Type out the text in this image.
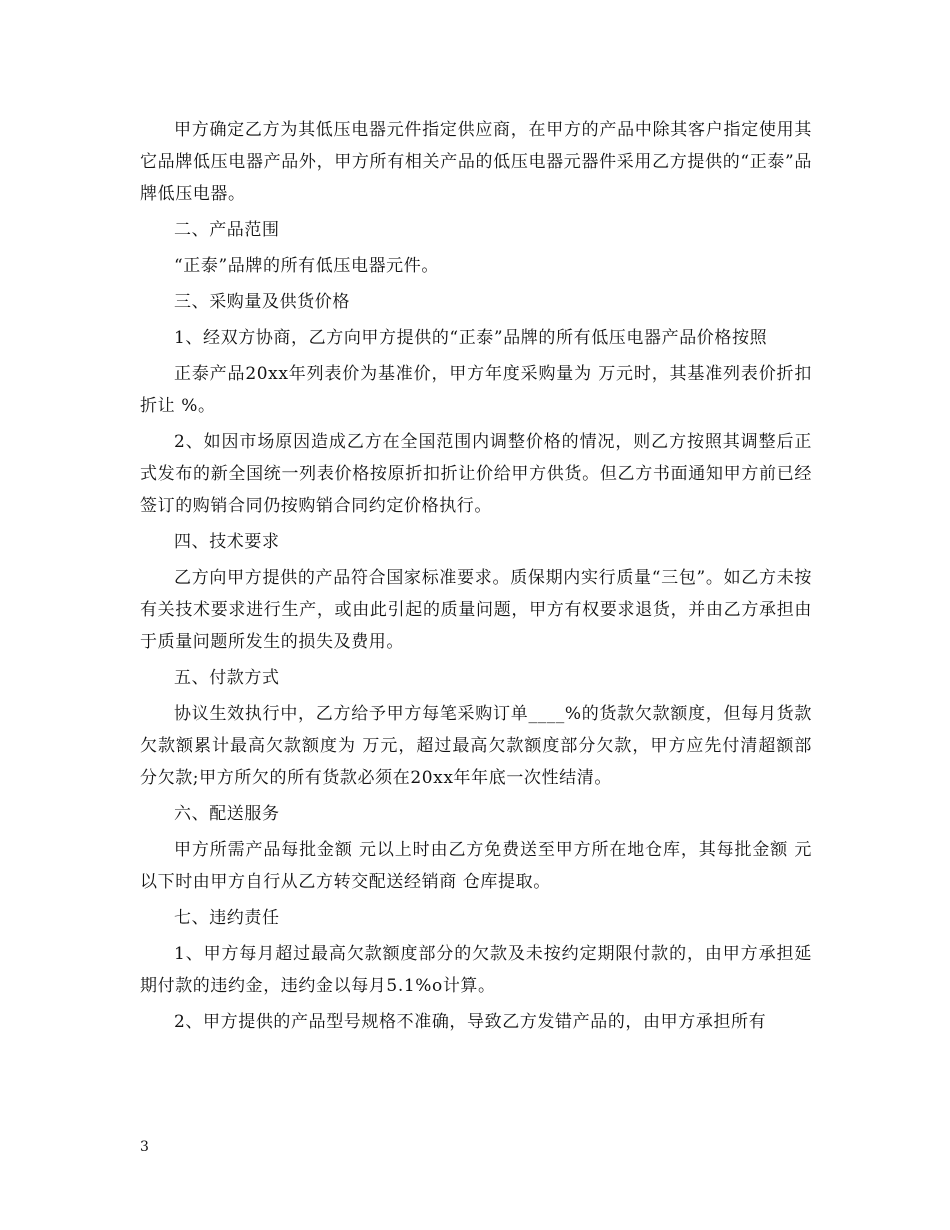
甲方确定乙方为其低压电器元件指定供应商，在甲方的产品中除其客户指定使用其它品牌低压电器产品外，甲方所有相关产品的低压电器元器件采用乙方提供的“正泰”品牌低压电器。

二、产品范围

“正泰”品牌的所有低压电器元件。

三、采购量及供货价格

1、经双方协商，乙方向甲方提供的“正泰”品牌的所有低压电器产品价格按照

正泰产品20xx年列表价为基准价，甲方年度采购量为 万元时，其基准列表价折扣折让 %。

2、如因市场原因造成乙方在全国范围内调整价格的情况，则乙方按照其调整后正式发布的新全国统一列表价格按原折扣折让价给甲方供货。但乙方书面通知甲方前已经签订的购销合同仍按购销合同约定价格执行。

四、技术要求

乙方向甲方提供的产品符合国家标准要求。质保期内实行质量“三包”。如乙方未按有关技术要求进行生产，或由此引起的质量问题，甲方有权要求退货，并由乙方承担由于质量问题所发生的损失及费用。

五、付款方式

协议生效执行中，乙方给予甲方每笔采购订单____%的货款欠款额度，但每月货款欠款额累计最高欠款额度为 万元，超过最高欠款额度部分欠款，甲方应先付清超额部分欠款;甲方所欠的所有货款必须在20xx年年底一次性结清。

六、配送服务

甲方所需产品每批金额 元以上时由乙方免费送至甲方所在地仓库，其每批金额 元以下时由甲方自行从乙方转交配送经销商 仓库提取。

七、违约责任

1、甲方每月超过最高欠款额度部分的欠款及未按约定期限付款的，由甲方承担延期付款的违约金，违约金以每月5.1%o计算。

2、甲方提供的产品型号规格不准确，导致乙方发错产品的，由甲方承担所有

3
